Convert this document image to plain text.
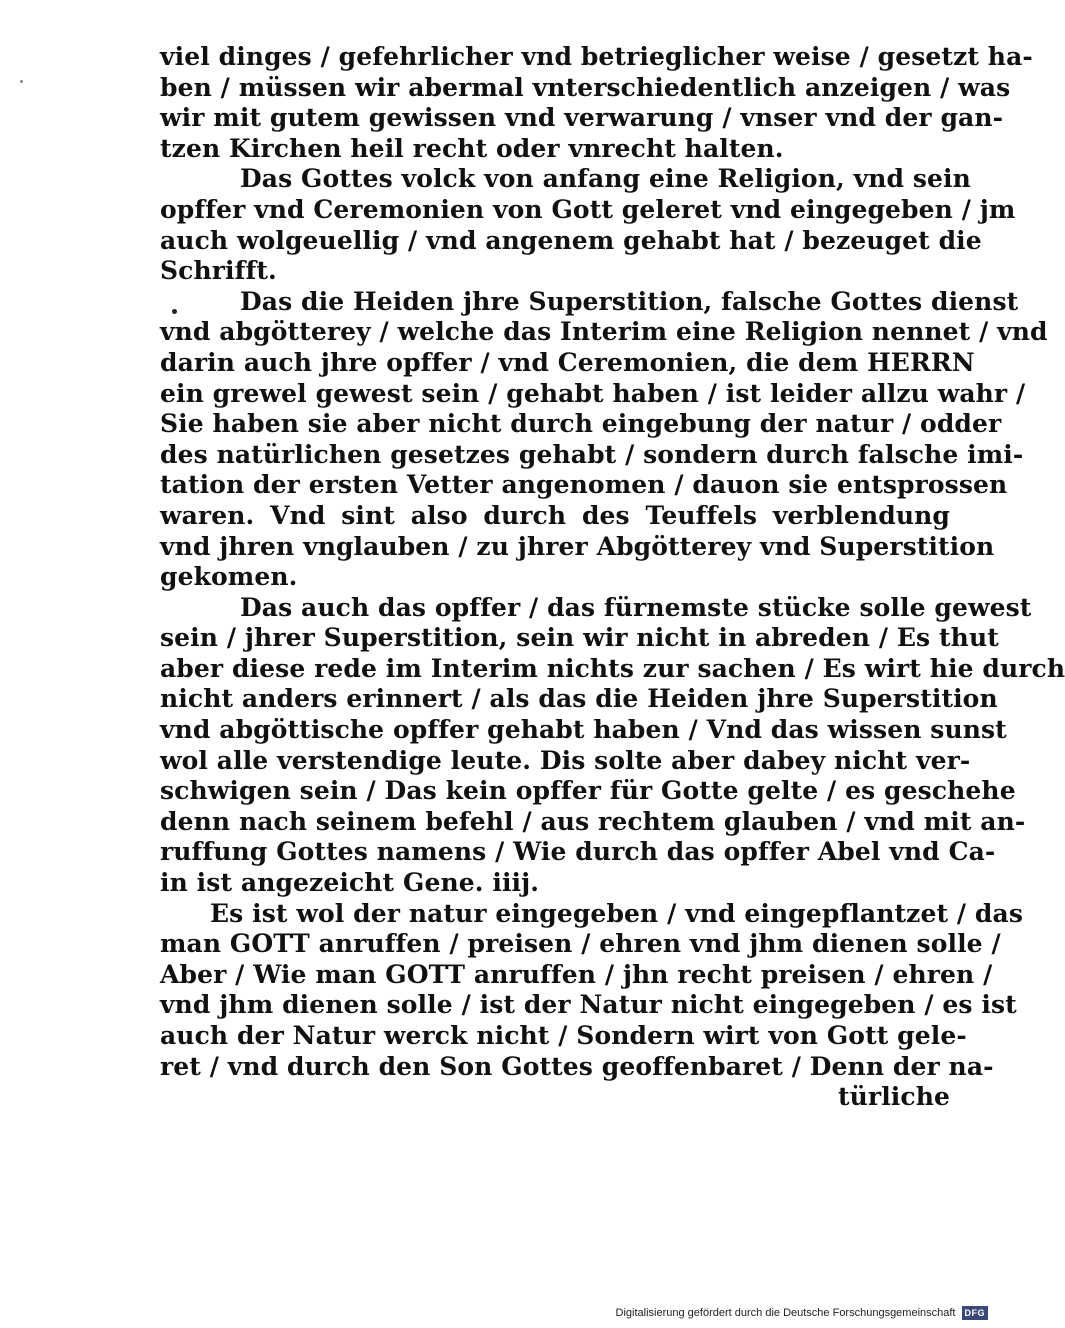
viel dinges / gefehrlicher vnd betrieglicher weise / gesetzt ha-
ben / müssen wir abermal vnterschiedentlich anzeigen / was
wir mit gutem gewissen vnd verwarung / vnser vnd der gan-
tzen Kirchen heil recht oder vnrecht halten.
Das Gottes volck von anfang eine Religion, vnd sein
opffer vnd Ceremonien von Gott geleret vnd eingegeben / jm
auch wolgeuellig / vnd angenem gehabt hat / bezeuget die
Schrifft.
Das die Heiden jhre Superstition, falsche Gottes dienst
vnd abgötterey / welche das Interim eine Religion nennet / vnd
darin auch jhre opffer / vnd Ceremonien, die dem HERRN
ein grewel gewest sein / gehabt haben / ist leider allzu wahr /
Sie haben sie aber nicht durch eingebung der natur / odder
des natürlichen gesetzes gehabt / sondern durch falsche imi-
tation der ersten Vetter angenomen / dauon sie entsprossen
waren. Vnd sint also durch des Teuffels verblendung
vnd jhren vnglauben / zu jhrer Abgötterey vnd Superstition
gekomen.
Das auch das opffer / das fürnemste stücke solle gewest
sein / jhrer Superstition, sein wir nicht in abreden / Es thut
aber diese rede im Interim nichts zur sachen / Es wirt hie durch
nicht anders erinnert / als das die Heiden jhre Superstition
vnd abgöttische opffer gehabt haben / Vnd das wissen sunst
wol alle verstendige leute. Dis solte aber dabey nicht ver-
schwigen sein / Das kein opffer für Gotte gelte / es geschehe
denn nach seinem befehl / aus rechtem glauben / vnd mit an-
ruffung Gottes namens / Wie durch das opffer Abel vnd Ca-
in ist angezeicht Gene. iiij.
Es ist wol der natur eingegeben / vnd eingepflantzet / das
man GOTT anruffen / preisen / ehren vnd jhm dienen solle /
Aber / Wie man GOTT anruffen / jhn recht preisen / ehren /
vnd jhm dienen solle / ist der Natur nicht eingegeben / es ist
auch der Natur werck nicht / Sondern wirt von Gott gele-
ret / vnd durch den Son Gottes geoffenbaret / Denn der na-
türliche
Digitalisierung gefördert durch die Deutsche Forschungsgemeinschaft	DFG
